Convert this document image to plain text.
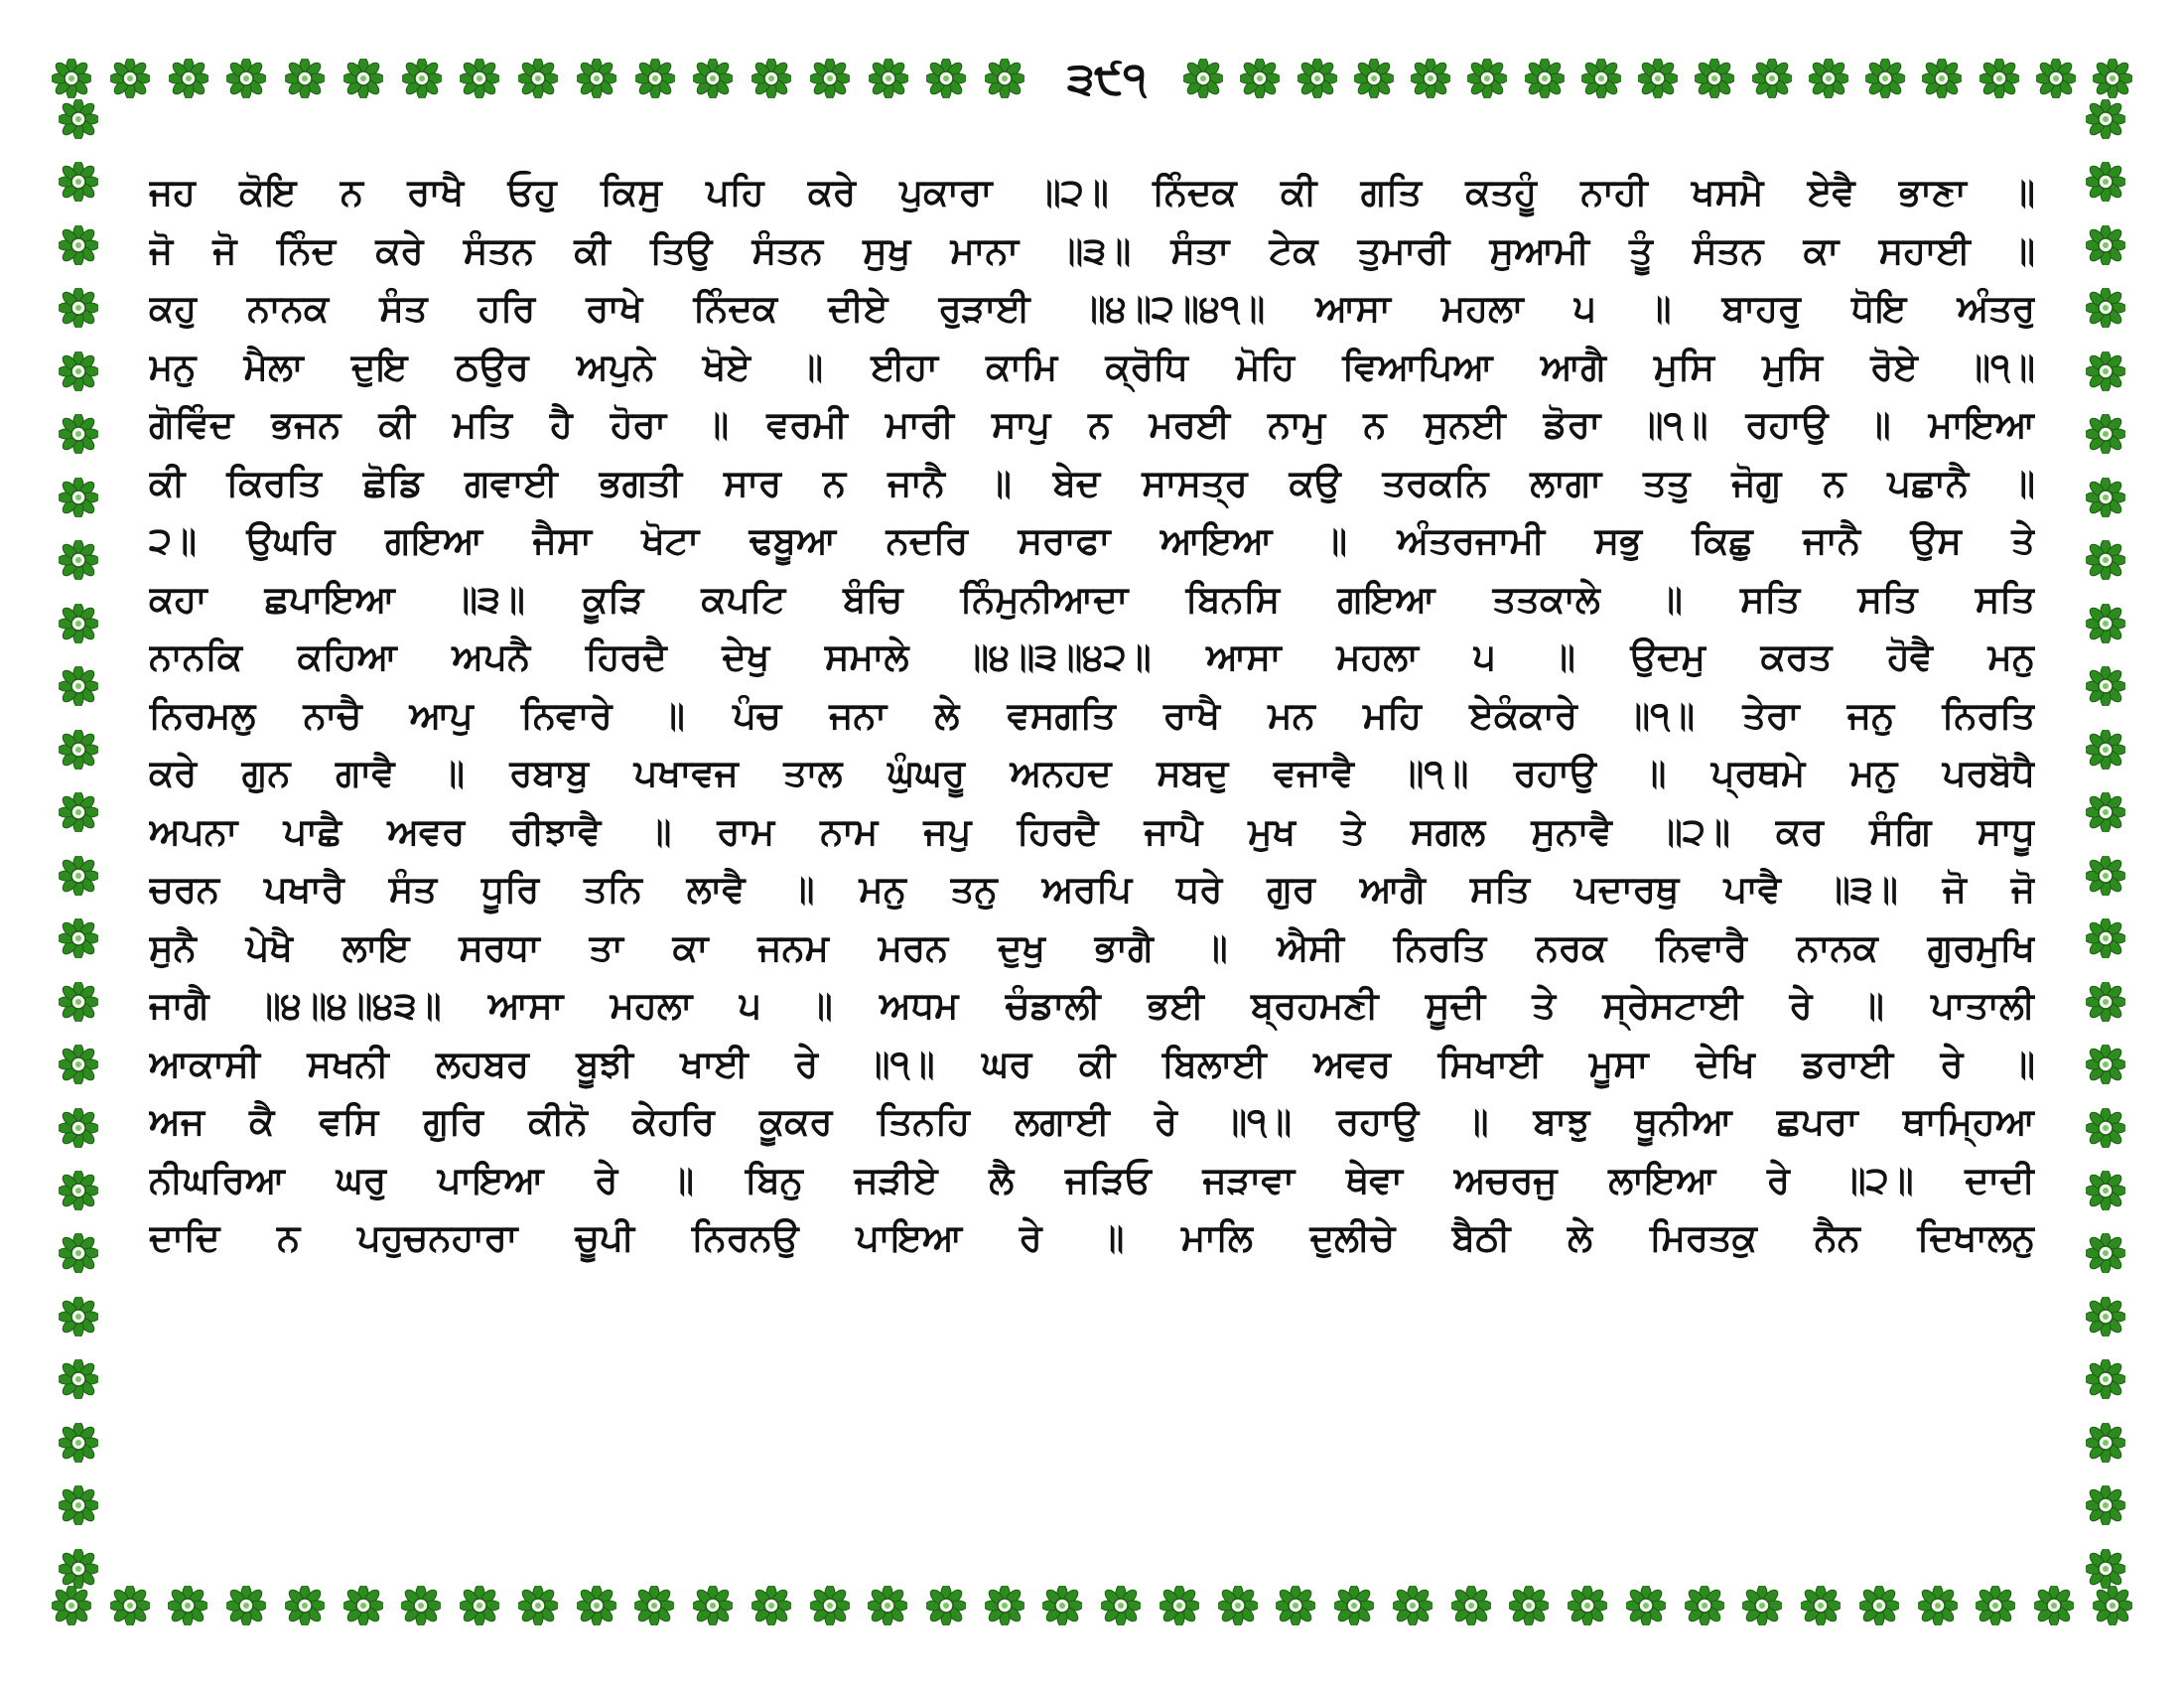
੩੯੧
ਜਹ ਕੋਇ ਨ ਰਾਖੈ ਓਹੁ ਕਿਸੁ ਪਹਿ ਕਰੇ ਪੁਕਾਰਾ ॥੨॥ ਨਿੰਦਕ ਕੀ ਗਤਿ ਕਤਹੂੰ ਨਾਹੀ ਖਸਮੈ ਏਵੈ ਭਾਣਾ ॥
ਜੋ ਜੋ ਨਿੰਦ ਕਰੇ ਸੰਤਨ ਕੀ ਤਿਉ ਸੰਤਨ ਸੁਖੁ ਮਾਨਾ ॥੩॥ ਸੰਤਾ ਟੇਕ ਤੁਮਾਰੀ ਸੁਆਮੀ ਤੂੰ ਸੰਤਨ ਕਾ ਸਹਾਈ ॥
ਕਹੁ ਨਾਨਕ ਸੰਤ ਹਰਿ ਰਾਖੇ ਨਿੰਦਕ ਦੀਏ ਰੁੜਾਈ ॥੪॥੨॥੪੧॥ ਆਸਾ ਮਹਲਾ ੫ ॥ ਬਾਹਰੁ ਧੋਇ ਅੰਤਰੁ
ਮਨੁ ਮੈਲਾ ਦੁਇ ਠਉਰ ਅਪੁਨੇ ਖੋਏ ॥ ਈਹਾ ਕਾਮਿ ਕ੍ਰੋਧਿ ਮੋਹਿ ਵਿਆਪਿਆ ਆਗੈ ਮੁਸਿ ਮੁਸਿ ਰੋਏ ॥੧॥
ਗੋਵਿੰਦ ਭਜਨ ਕੀ ਮਤਿ ਹੈ ਹੋਰਾ ॥ ਵਰਮੀ ਮਾਰੀ ਸਾਪੁ ਨ ਮਰਈ ਨਾਮੁ ਨ ਸੁਨਈ ਡੋਰਾ ॥੧॥ ਰਹਾਉ ॥ ਮਾਇਆ
ਕੀ ਕਿਰਤਿ ਛੋਡਿ ਗਵਾਈ ਭਗਤੀ ਸਾਰ ਨ ਜਾਨੈ ॥ ਬੇਦ ਸਾਸਤ੍ਰ ਕਉ ਤਰਕਨਿ ਲਾਗਾ ਤਤੁ ਜੋਗੁ ਨ ਪਛਾਨੈ ॥
੨॥ ਉਘਰਿ ਗਇਆ ਜੈਸਾ ਖੋਟਾ ਢਬੂਆ ਨਦਰਿ ਸਰਾਫਾ ਆਇਆ ॥ ਅੰਤਰਜਾਮੀ ਸਭੁ ਕਿਛੁ ਜਾਨੈ ਉਸ ਤੇ
ਕਹਾ ਛਪਾਇਆ ॥੩॥ ਕੂੜਿ ਕਪਟਿ ਬੰਚਿ ਨਿੰਮੁਨੀਆਦਾ ਬਿਨਸਿ ਗਇਆ ਤਤਕਾਲੇ ॥ ਸਤਿ ਸਤਿ ਸਤਿ
ਨਾਨਕਿ ਕਹਿਆ ਅਪਨੈ ਹਿਰਦੈ ਦੇਖੁ ਸਮਾਲੇ ॥੪॥੩॥੪੨॥ ਆਸਾ ਮਹਲਾ ੫ ॥ ਉਦਮੁ ਕਰਤ ਹੋਵੈ ਮਨੁ
ਨਿਰਮਲੁ ਨਾਚੈ ਆਪੁ ਨਿਵਾਰੇ ॥ ਪੰਚ ਜਨਾ ਲੇ ਵਸਗਤਿ ਰਾਖੈ ਮਨ ਮਹਿ ਏਕੰਕਾਰੇ ॥੧॥ ਤੇਰਾ ਜਨੁ ਨਿਰਤਿ
ਕਰੇ ਗੁਨ ਗਾਵੈ ॥ ਰਬਾਬੁ ਪਖਾਵਜ ਤਾਲ ਘੁੰਘਰੂ ਅਨਹਦ ਸਬਦੁ ਵਜਾਵੈ ॥੧॥ ਰਹਾਉ ॥ ਪ੍ਰਥਮੇ ਮਨੁ ਪਰਬੋਧੈ
ਅਪਨਾ ਪਾਛੈ ਅਵਰ ਰੀਝਾਵੈ ॥ ਰਾਮ ਨਾਮ ਜਪੁ ਹਿਰਦੈ ਜਾਪੈ ਮੁਖ ਤੇ ਸਗਲ ਸੁਨਾਵੈ ॥੨॥ ਕਰ ਸੰਗਿ ਸਾਧੂ
ਚਰਨ ਪਖਾਰੈ ਸੰਤ ਧੂਰਿ ਤਨਿ ਲਾਵੈ ॥ ਮਨੁ ਤਨੁ ਅਰਪਿ ਧਰੇ ਗੁਰ ਆਗੈ ਸਤਿ ਪਦਾਰਥੁ ਪਾਵੈ ॥੩॥ ਜੋ ਜੋ
ਸੁਨੈ ਪੇਖੈ ਲਾਇ ਸਰਧਾ ਤਾ ਕਾ ਜਨਮ ਮਰਨ ਦੁਖੁ ਭਾਗੈ ॥ ਐਸੀ ਨਿਰਤਿ ਨਰਕ ਨਿਵਾਰੈ ਨਾਨਕ ਗੁਰਮੁਖਿ
ਜਾਗੈ ॥੪॥੪॥੪੩॥ ਆਸਾ ਮਹਲਾ ੫ ॥ ਅਧਮ ਚੰਡਾਲੀ ਭਈ ਬ੍ਰਹਮਣੀ ਸੂਦੀ ਤੇ ਸ੍ਰੇਸਟਾਈ ਰੇ ॥ ਪਾਤਾਲੀ
ਆਕਾਸੀ ਸਖਨੀ ਲਹਬਰ ਬੂਝੀ ਖਾਈ ਰੇ ॥੧॥ ਘਰ ਕੀ ਬਿਲਾਈ ਅਵਰ ਸਿਖਾਈ ਮੂਸਾ ਦੇਖਿ ਡਰਾਈ ਰੇ ॥
ਅਜ ਕੈ ਵਸਿ ਗੁਰਿ ਕੀਨੋ ਕੇਹਰਿ ਕੂਕਰ ਤਿਨਹਿ ਲਗਾਈ ਰੇ ॥੧॥ ਰਹਾਉ ॥ ਬਾਝੁ ਥੂਨੀਆ ਛਪਰਾ ਥਾਮ੍ਹਿਆ
ਨੀਘਰਿਆ ਘਰੁ ਪਾਇਆ ਰੇ ॥ ਬਿਨੁ ਜੜੀਏ ਲੈ ਜੜਿਓ ਜੜਾਵਾ ਥੇਵਾ ਅਚਰਜੁ ਲਾਇਆ ਰੇ ॥੨॥ ਦਾਦੀ
ਦਾਦਿ ਨ ਪਹੁਚਨਹਾਰਾ ਚੂਪੀ ਨਿਰਨਉ ਪਾਇਆ ਰੇ ॥ ਮਾਲਿ ਦੁਲੀਚੇ ਬੈਠੀ ਲੇ ਮਿਰਤਕੁ ਨੈਨ ਦਿਖਾਲਨੁ
